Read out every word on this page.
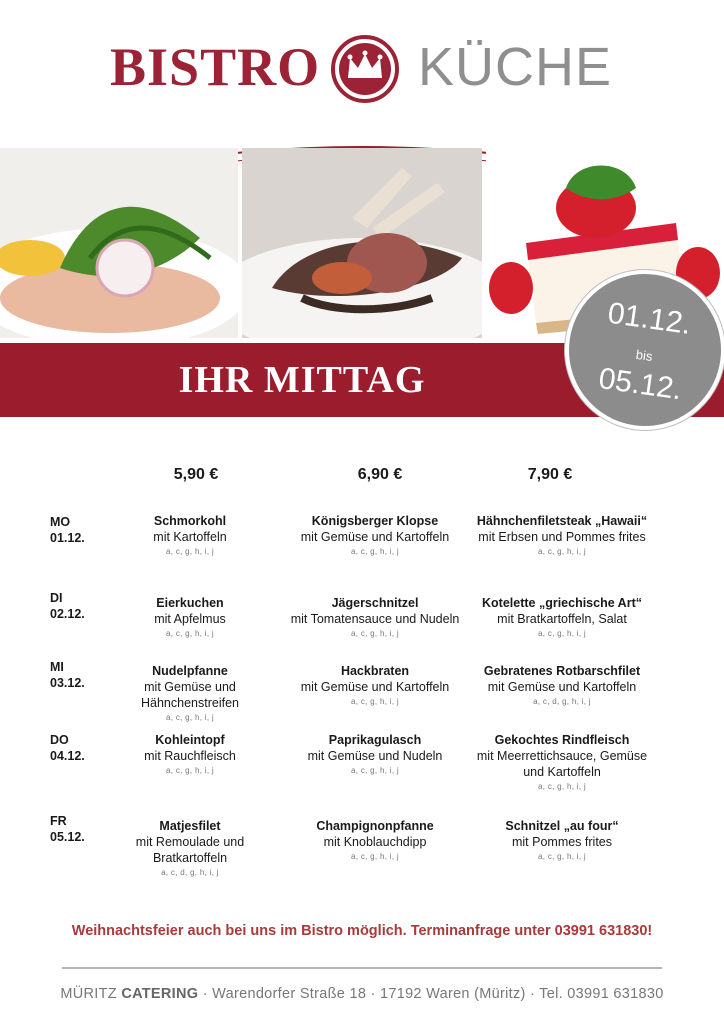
BISTRO KÜCHE
IHR MITTAG
01.12.
bis
05.12.
5,90 €	6,90 €	7,90 €
MO
01.12.
Schmorkohl
mit Kartoffeln
a, c, g, h, i, j
Königsberger Klopse
mit Gemüse und Kartoffeln
a, c, g, h, i, j
Hähnchenfiletsteak „Hawaii“
mit Erbsen und Pommes frites
a, c, g, h, i, j
DI
02.12.
Eierkuchen
mit Apfelmus
a, c, g, h, i, j
Jägerschnitzel
mit Tomatensauce und Nudeln
a, c, g, h, i, j
Kotelette „griechische Art“
mit Bratkartoffeln, Salat
a, c, g, h, i, j
MI
03.12.
Nudelpfanne
mit Gemüse und Hähnchenstreifen
a, c, g, h, i, j
Hackbraten
mit Gemüse und Kartoffeln
a, c, g, h, i, j
Gebratenes Rotbarschfilet
mit Gemüse und Kartoffeln
a, c, d, g, h, i, j
DO
04.12.
Kohleintopf
mit Rauchfleisch
a, c, g, h, i, j
Paprikagulasch
mit Gemüse und Nudeln
a, c, g, h, i, j
Gekochtes Rindfleisch
mit Meerrettichsauce, Gemüse und Kartoffeln
a, c, g, h, i, j
FR
05.12.
Matjesfilet
mit Remoulade und Bratkartoffeln
a, c, d, g, h, i, j
Champignonpfanne
mit Knoblauchdipp
a, c, g, h, i, j
Schnitzel „au four“
mit Pommes frites
a, c, g, h, i, j
Weihnachtsfeier auch bei uns im Bistro möglich. Terminanfrage unter 03991 631830!
MÜRITZ CATERING · Warendorfer Straße 18 · 17192 Waren (Müritz) · Tel. 03991 631830
